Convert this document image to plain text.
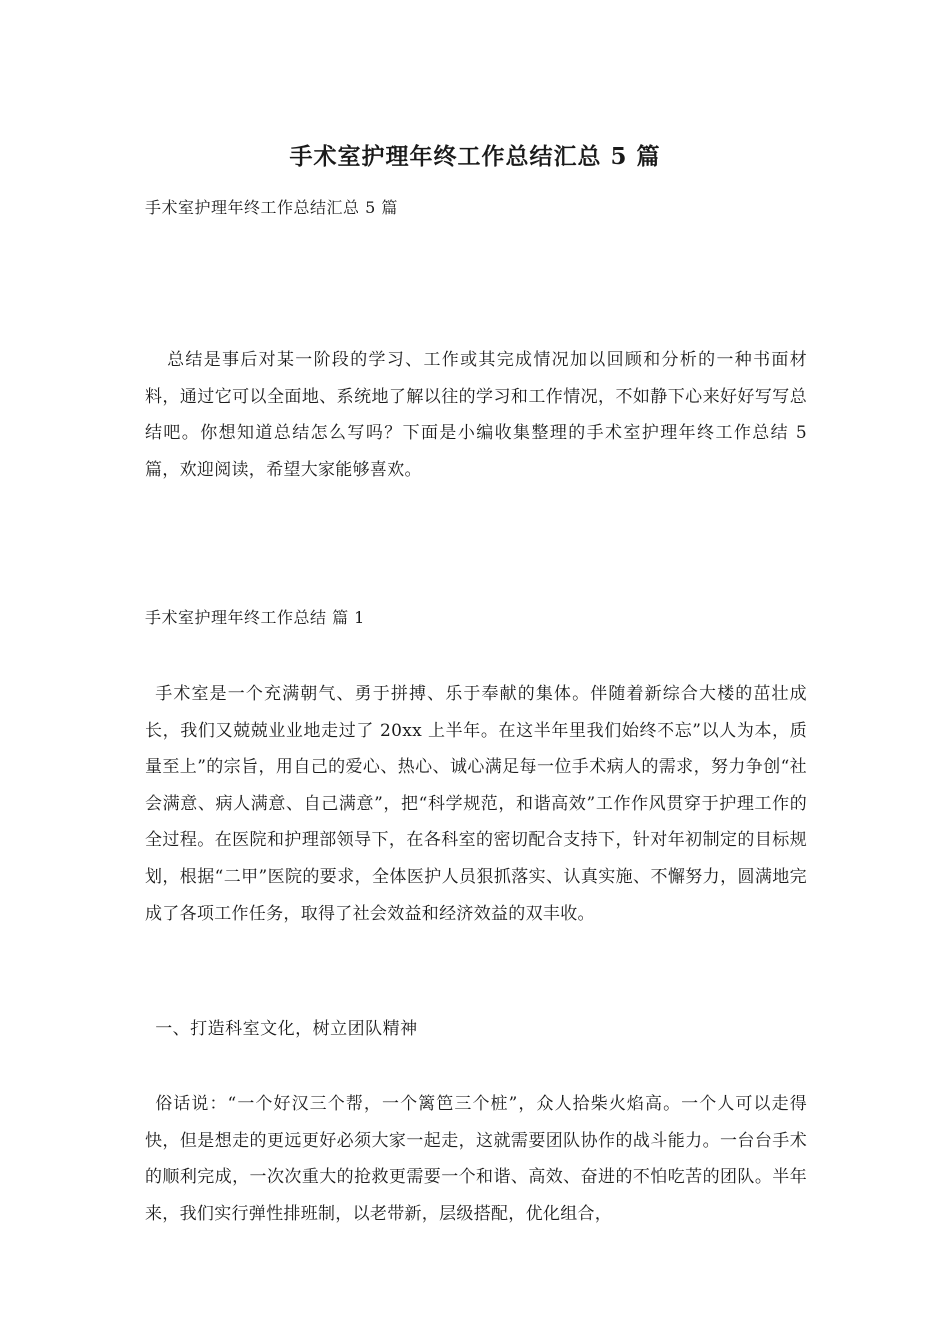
手术室护理年终工作总结汇总 5 篇
手术室护理年终工作总结汇总 5 篇
总结是事后对某一阶段的学习、工作或其完成情况加以回顾和分析的一种书面材料，通过它可以全面地、系统地了解以往的学习和工作情况，不如静下心来好好写写总结吧。你想知道总结怎么写吗？下面是小编收集整理的手术室护理年终工作总结 5 篇，欢迎阅读，希望大家能够喜欢。
手术室护理年终工作总结 篇 1
手术室是一个充满朝气、勇于拼搏、乐于奉献的集体。伴随着新综合大楼的茁壮成长，我们又兢兢业业地走过了 20xx 上半年。在这半年里我们始终不忘”以人为本，质量至上”的宗旨，用自己的爱心、热心、诚心满足每一位手术病人的需求，努力争创“社会满意、病人满意、自己满意”，把“科学规范，和谐高效”工作作风贯穿于护理工作的全过程。在医院和护理部领导下，在各科室的密切配合支持下，针对年初制定的目标规划，根据“二甲”医院的要求，全体医护人员狠抓落实、认真实施、不懈努力，圆满地完成了各项工作任务，取得了社会效益和经济效益的双丰收。
一、打造科室文化，树立团队精神
俗话说：“一个好汉三个帮，一个篱笆三个桩”，众人拾柴火焰高。一个人可以走得快，但是想走的更远更好必须大家一起走，这就需要团队协作的战斗能力。一台台手术的顺利完成，一次次重大的抢救更需要一个和谐、高效、奋进的不怕吃苦的团队。半年来，我们实行弹性排班制，以老带新，层级搭配，优化组合，
